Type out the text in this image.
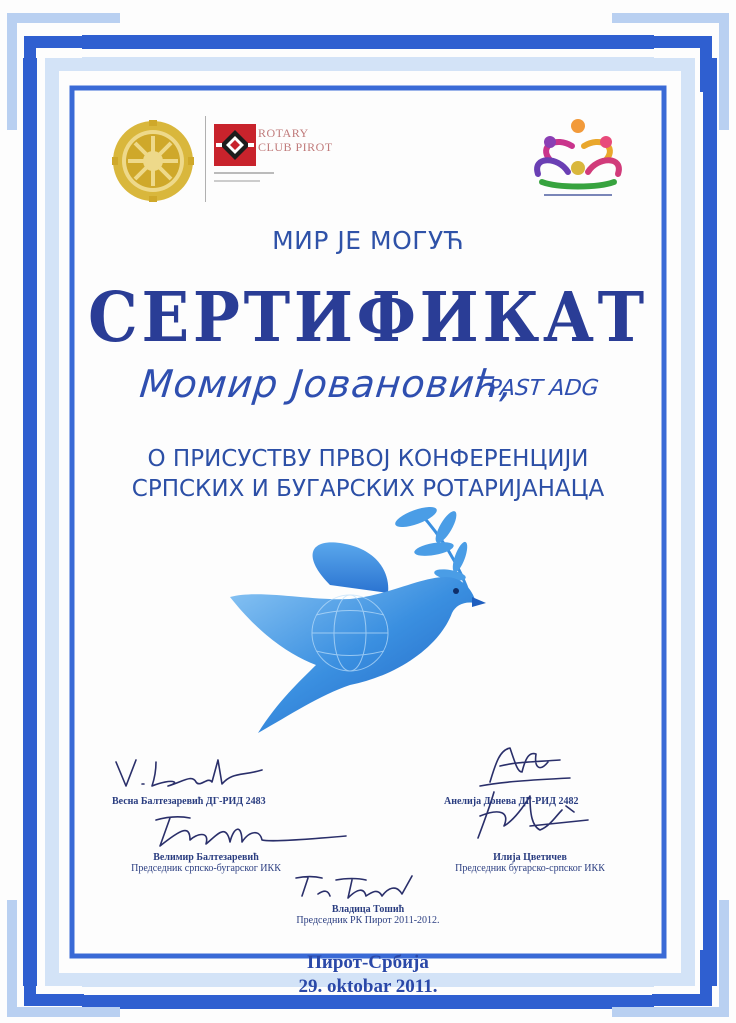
ROTARY
CLUB PIROT
МИР ЈЕ МОГУЋ
СЕРТИФИКАТ
Момир Јовановић,
PAST ADG
О ПРИСУСТВУ ПРВОЈ КОНФЕРЕНЦИЈИ
СРПСКИХ И БУГАРСКИХ РОТАРИЈАНАЦА
Весна Балтезаревић ДГ-РИД 2483	Анелија Донева ДГ-РИД 2482
Велимир Балтезаревић
Председник српско-бугарског ИКК
Илија Цветичев
Председник бугарско-српског ИКК
Владица Тошић
Председник РК Пирот 2011-2012.
Пирот-Србија
29. oktobar 2011.
